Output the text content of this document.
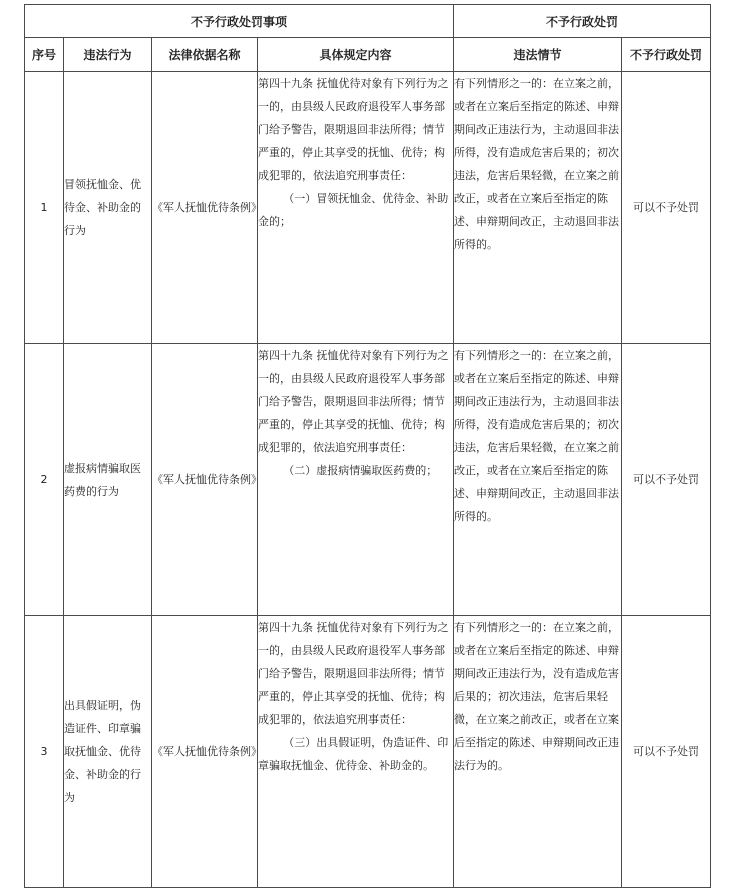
不予行政处罚事项				不予行政处罚	
序号	违法行为	法律依据名称	具体规定内容	违法情节	不予行政处罚
1	冒领抚恤金、优待金、补助金的行为	《军人抚恤优待条例》	第四十九条 抚恤优待对象有下列行为之一的，由县级人民政府退役军人事务部门给予警告，限期退回非法所得；情节严重的，停止其享受的抚恤、优待；构成犯罪的，依法追究刑事责任：
（一）冒领抚恤金、优待金、补助金的；	有下列情形之一的：在立案之前，或者在立案后至指定的陈述、申辩期间改正违法行为，主动退回非法所得，没有造成危害后果的；初次违法，危害后果轻微，在立案之前改正，或者在立案后至指定的陈述、申辩期间改正，主动退回非法所得的。	可以不予处罚
2	虚报病情骗取医药费的行为	《军人抚恤优待条例》	第四十九条 抚恤优待对象有下列行为之一的，由县级人民政府退役军人事务部门给予警告，限期退回非法所得；情节严重的，停止其享受的抚恤、优待；构成犯罪的，依法追究刑事责任：
（二）虚报病情骗取医药费的；	有下列情形之一的：在立案之前，或者在立案后至指定的陈述、申辩期间改正违法行为，主动退回非法所得，没有造成危害后果的；初次违法，危害后果轻微，在立案之前改正，或者在立案后至指定的陈述、申辩期间改正，主动退回非法所得的。	可以不予处罚
3	出具假证明，伪造证件、印章骗取抚恤金、优待金、补助金的行为	《军人抚恤优待条例》	第四十九条 抚恤优待对象有下列行为之一的，由县级人民政府退役军人事务部门给予警告，限期退回非法所得；情节严重的，停止其享受的抚恤、优待；构成犯罪的，依法追究刑事责任：
（三）出具假证明，伪造证件、印章骗取抚恤金、优待金、补助金的。	有下列情形之一的：在立案之前，或者在立案后至指定的陈述、申辩期间改正违法行为，没有造成危害后果的；初次违法，危害后果轻微，在立案之前改正，或者在立案后至指定的陈述、申辩期间改正违法行为的。	可以不予处罚
